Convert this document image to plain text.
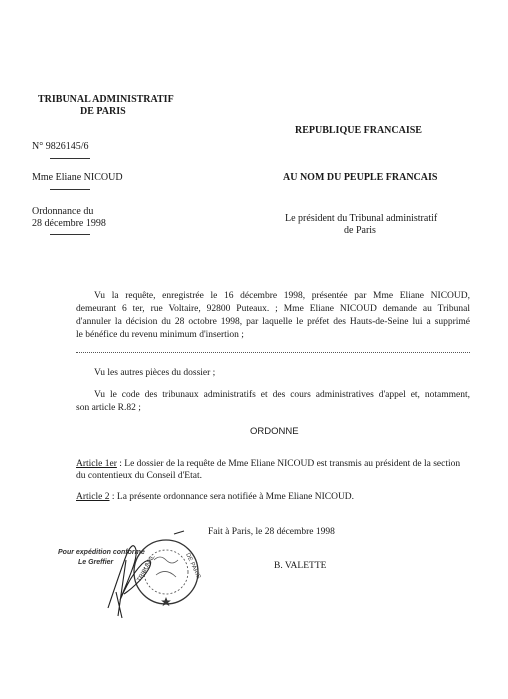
TRIBUNAL ADMINISTRATIF
DE PARIS
N° 9826145/6
Mme Eliane NICOUD
Ordonnance du
28 décembre 1998
REPUBLIQUE FRANCAISE
AU NOM DU PEUPLE FRANCAIS
Le président du Tribunal administratif
de Paris
Vu la requête, enregistrée le 16 décembre 1998, présentée par Mme Eliane NICOUD,
demeurant 6 ter, rue Voltaire, 92800 Puteaux. ; Mme Eliane NICOUD demande au Tribunal
d'annuler la décision du 28 octobre 1998, par laquelle le préfet des Hauts-de-Seine lui a supprimé
le bénéfice du revenu minimum d'insertion ;
Vu les autres pièces du dossier ;
Vu le code des tribunaux administratifs et des cours administratives d'appel et, notamment,
son article R.82 ;
ORDONNE
Article 1er : Le dossier de la requête de Mme Eliane NICOUD est transmis au président de la section
du contentieux du Conseil d'Etat.
Article 2 : La présente ordonnance sera notifiée à Mme Eliane NICOUD.
Fait à Paris, le 28 décembre 1998
B. VALETTE
Pour expédition conforme
Le Greffier	TRIBUNAL	DE PARIS
